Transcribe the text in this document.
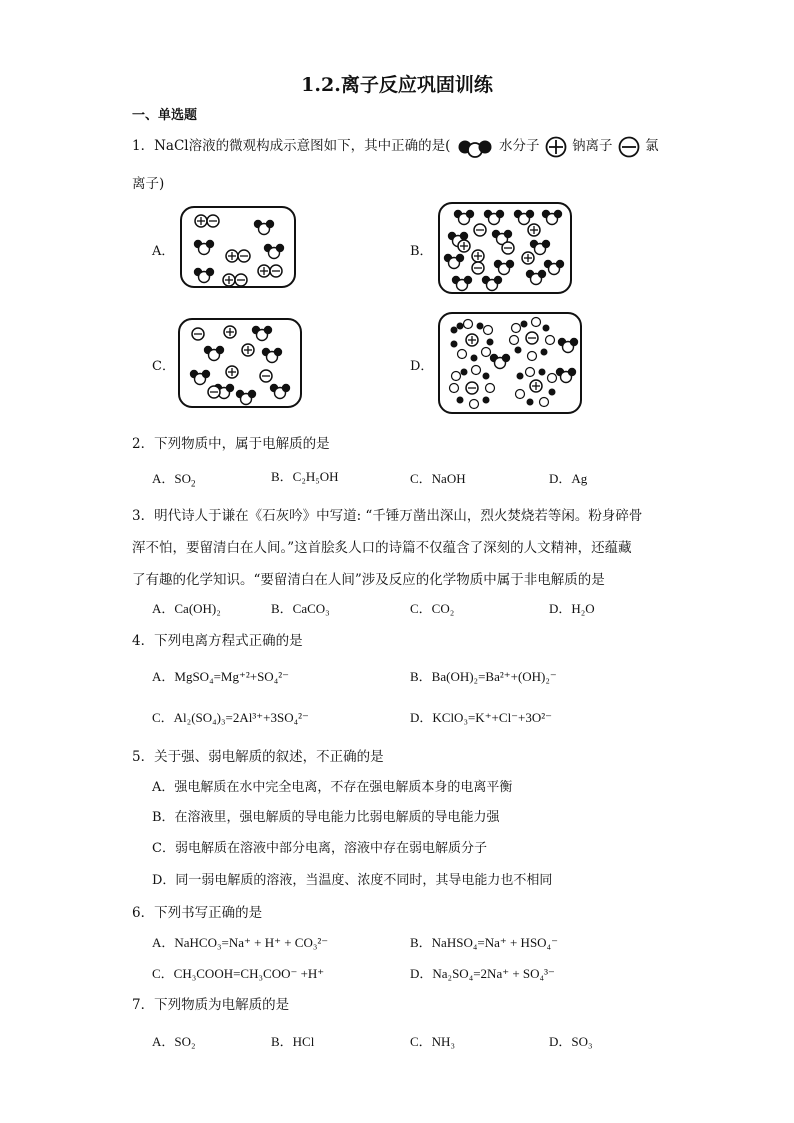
1.2.离子反应巩固训练
一、单选题
1．NaCl溶液的微观构成示意图如下，其中正确的是(	水分子 钠离子 氯
离子)
A．	B．
C．	D．
2．下列物质中，属于电解质的是
A．$SO_2$	B．C₂H₅OH	C．NaOH	D．Ag
3．明代诗人于谦在《石灰吟》中写道: “千锤万凿出深山，烈火焚烧若等闲。粉身碎骨
浑不怕，要留清白在人间。”这首脍炙人口的诗篇不仅蕴含了深刻的人文精神，还蕴藏
了有趣的化学知识。“要留清白在人间”涉及反应的化学物质中属于非电解质的是
A．Ca(OH)₂	B．CaCO₃	C．CO₂	D．H₂O
4．下列电离方程式正确的是
A．MgSO₄=Mg⁺²+SO₄²⁻	B．Ba(OH)₂=Ba²⁺+(OH)₂⁻
C．Al₂(SO₄)₃=2Al³⁺+3SO₄²⁻	D．KClO₃=K⁺+Cl⁻+3O²⁻
5．关于强、弱电解质的叙述，不正确的是
A．强电解质在水中完全电离，不存在强电解质本身的电离平衡
B．在溶液里，强电解质的导电能力比弱电解质的导电能力强
C．弱电解质在溶液中部分电离，溶液中存在弱电解质分子
D．同一弱电解质的溶液，当温度、浓度不同时，其导电能力也不相同
6．下列书写正确的是
A．NaHCO₃=Na⁺ + H⁺ + CO₃²⁻	B．NaHSO₄=Na⁺ + HSO₄⁻
C．CH₃COOH=CH₃COO⁻ +H⁺	D．Na₂SO₄=2Na⁺ + SO₄³⁻
7．下列物质为电解质的是
A．SO₂	B．HCl	C．NH₃	D．SO₃
